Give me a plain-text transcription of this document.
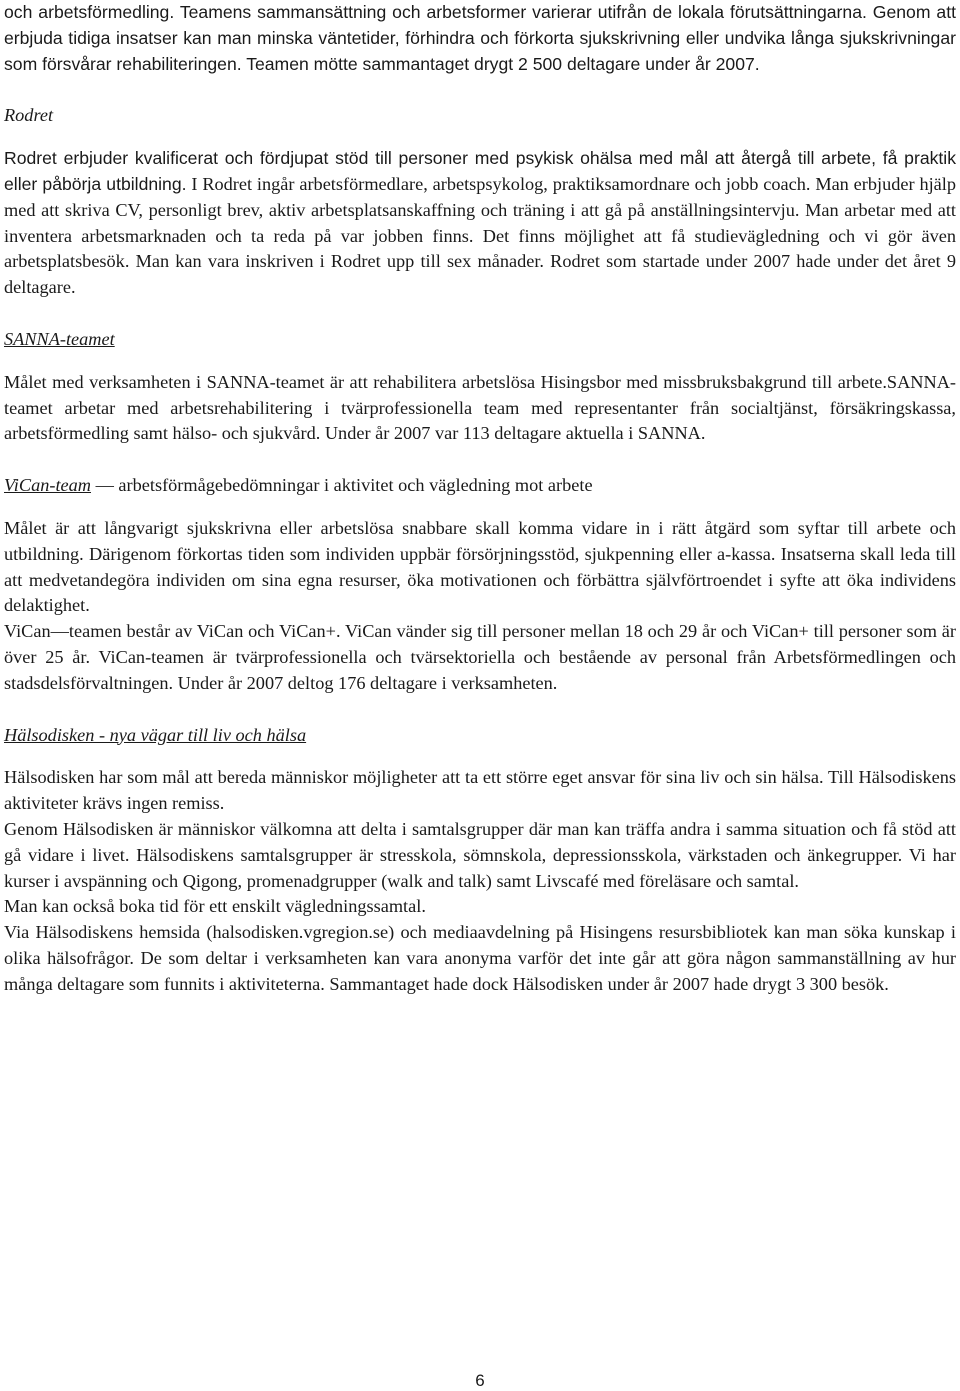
och arbetsförmedling. Teamens sammansättning och arbetsformer varierar utifrån de lokala förutsättningarna. Genom att erbjuda tidiga insatser kan man minska väntetider, förhindra och förkorta sjukskrivning eller undvika långa sjukskrivningar som försvårar rehabiliteringen. Teamen mötte sammantaget drygt 2 500 deltagare under år 2007.

Rodret

Rodret erbjuder kvalificerat och fördjupat stöd till personer med psykisk ohälsa med mål att återgå till arbete, få praktik eller påbörja utbildning. I Rodret ingår arbetsförmedlare, arbetspsykolog, praktiksamordnare och jobb coach. Man erbjuder hjälp med att skriva CV, personligt brev, aktiv arbetsplatsanskaffning och träning i att gå på anställningsintervju. Man arbetar med att inventera arbetsmarknaden och ta reda på var jobben finns. Det finns möjlighet att få studievägledning och vi gör även arbetsplatsbesök. Man kan vara inskriven i Rodret upp till sex månader. Rodret som startade under 2007 hade under det året 9 deltagare.

SANNA-teamet

Målet med verksamheten i SANNA-teamet är att rehabilitera arbetslösa Hisingsbor med missbruksbakgrund till arbete.SANNA-teamet arbetar med arbetsrehabilitering i tvärprofessionella team med representanter från socialtjänst, försäkringskassa, arbetsförmedling samt hälso- och sjukvård. Under år 2007 var 113 deltagare aktuella i SANNA.

ViCan-team — arbetsförmågebedömningar i aktivitet och vägledning mot arbete

Målet är att långvarigt sjukskrivna eller arbetslösa snabbare skall komma vidare in i rätt åtgärd som syftar till arbete och utbildning. Därigenom förkortas tiden som individen uppbär försörjningsstöd, sjukpenning eller a-kassa. Insatserna skall leda till att medvetandegöra individen om sina egna resurser, öka motivationen och förbättra självförtroendet i syfte att öka individens delaktighet.

ViCan—teamen består av ViCan och ViCan+. ViCan vänder sig till personer mellan 18 och 29 år och ViCan+ till personer som är över 25 år. ViCan-teamen är tvärprofessionella och tvärsektoriella och bestående av personal från Arbetsförmedlingen och stadsdelsförvaltningen. Under år 2007 deltog 176 deltagare i verksamheten.

Hälsodisken - nya vägar till liv och hälsa

Hälsodisken har som mål att bereda människor möjligheter att ta ett större eget ansvar för sina liv och sin hälsa. Till Hälsodiskens aktiviteter krävs ingen remiss.

Genom Hälsodisken är människor välkomna att delta i samtalsgrupper där man kan träffa andra i samma situation och få stöd att gå vidare i livet. Hälsodiskens samtalsgrupper är stresskola, sömnskola, depressionsskola, värkstaden och änkegrupper. Vi har kurser i avspänning och Qigong, promenadgrupper (walk and talk) samt Livscafé med föreläsare och samtal.

Man kan också boka tid för ett enskilt vägledningssamtal.

Via Hälsodiskens hemsida (halsodisken.vgregion.se) och mediaavdelning på Hisingens resursbibliotek kan man söka kunskap i olika hälsofrågor. De som deltar i verksamheten kan vara anonyma varför det inte går att göra någon sammanställning av hur många deltagare som funnits i aktiviteterna. Sammantaget hade dock Hälsodisken under år 2007 hade drygt 3 300 besök.

6
